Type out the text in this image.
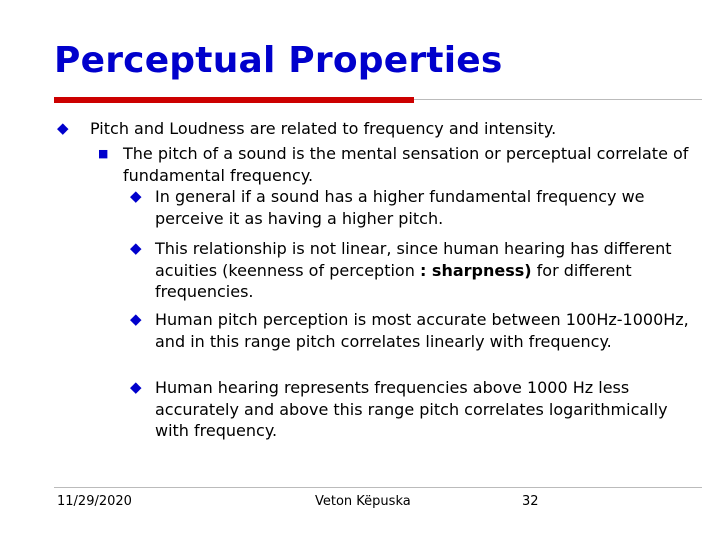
Perceptual Properties
◆ Pitch and Loudness are related to frequency and intensity.
■ The pitch of a sound is the mental sensation or perceptual correlate of fundamental frequency.
◆ In general if a sound has a higher fundamental frequency we perceive it as having a higher pitch.
◆ This relationship is not linear, since human hearing has different acuities (keenness of perception : sharpness) for different frequencies.
◆ Human pitch perception is most accurate between 100Hz-1000Hz, and in this range pitch correlates linearly with frequency.
◆ Human hearing represents frequencies above 1000 Hz less accurately and above this range pitch correlates logarithmically with frequency.
11/29/2020	Veton Këpuska	32
